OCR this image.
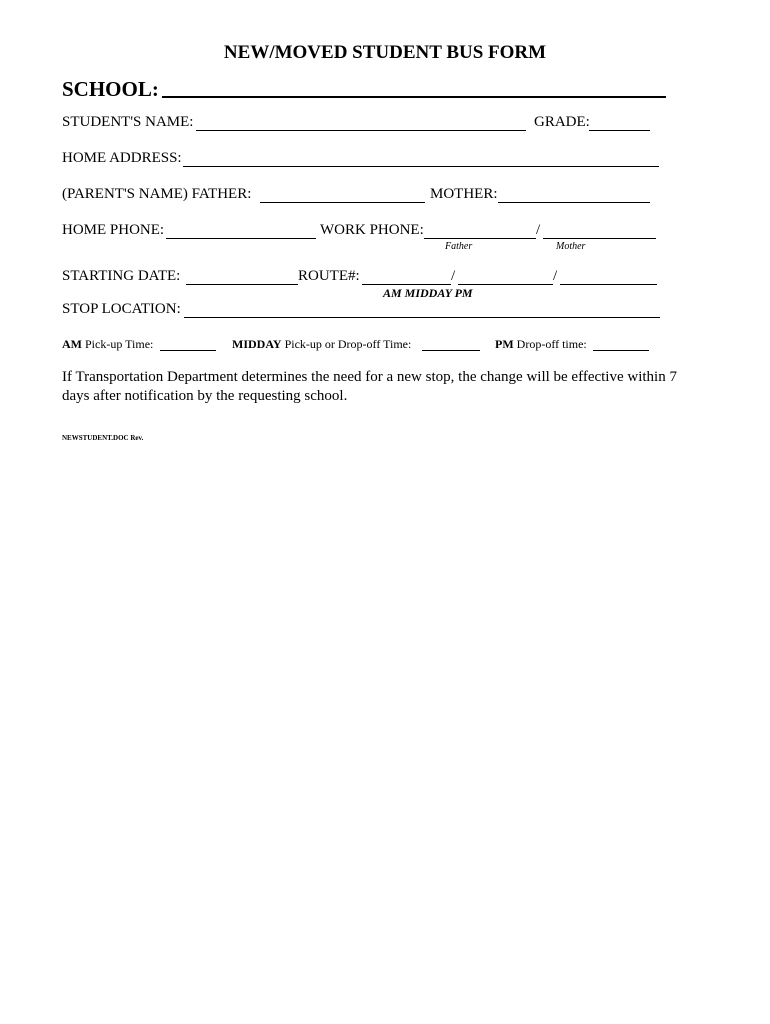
NEW/MOVED STUDENT BUS FORM
SCHOOL:
STUDENT'S NAME:	GRADE:
HOME ADDRESS:
(PARENT'S NAME) FATHER:	MOTHER:
HOME PHONE:	WORK PHONE:	/
Father	Mother
STARTING DATE:	ROUTE#:	/	/
AM MIDDAY PM
STOP LOCATION:
AM Pick-up Time:	MIDDAY Pick-up or Drop-off Time:	PM Drop-off time:
If Transportation Department determines the need for a new stop, the change will be effective within 7 days after notification by the requesting school.
NEWSTUDENT.DOC Rev.
